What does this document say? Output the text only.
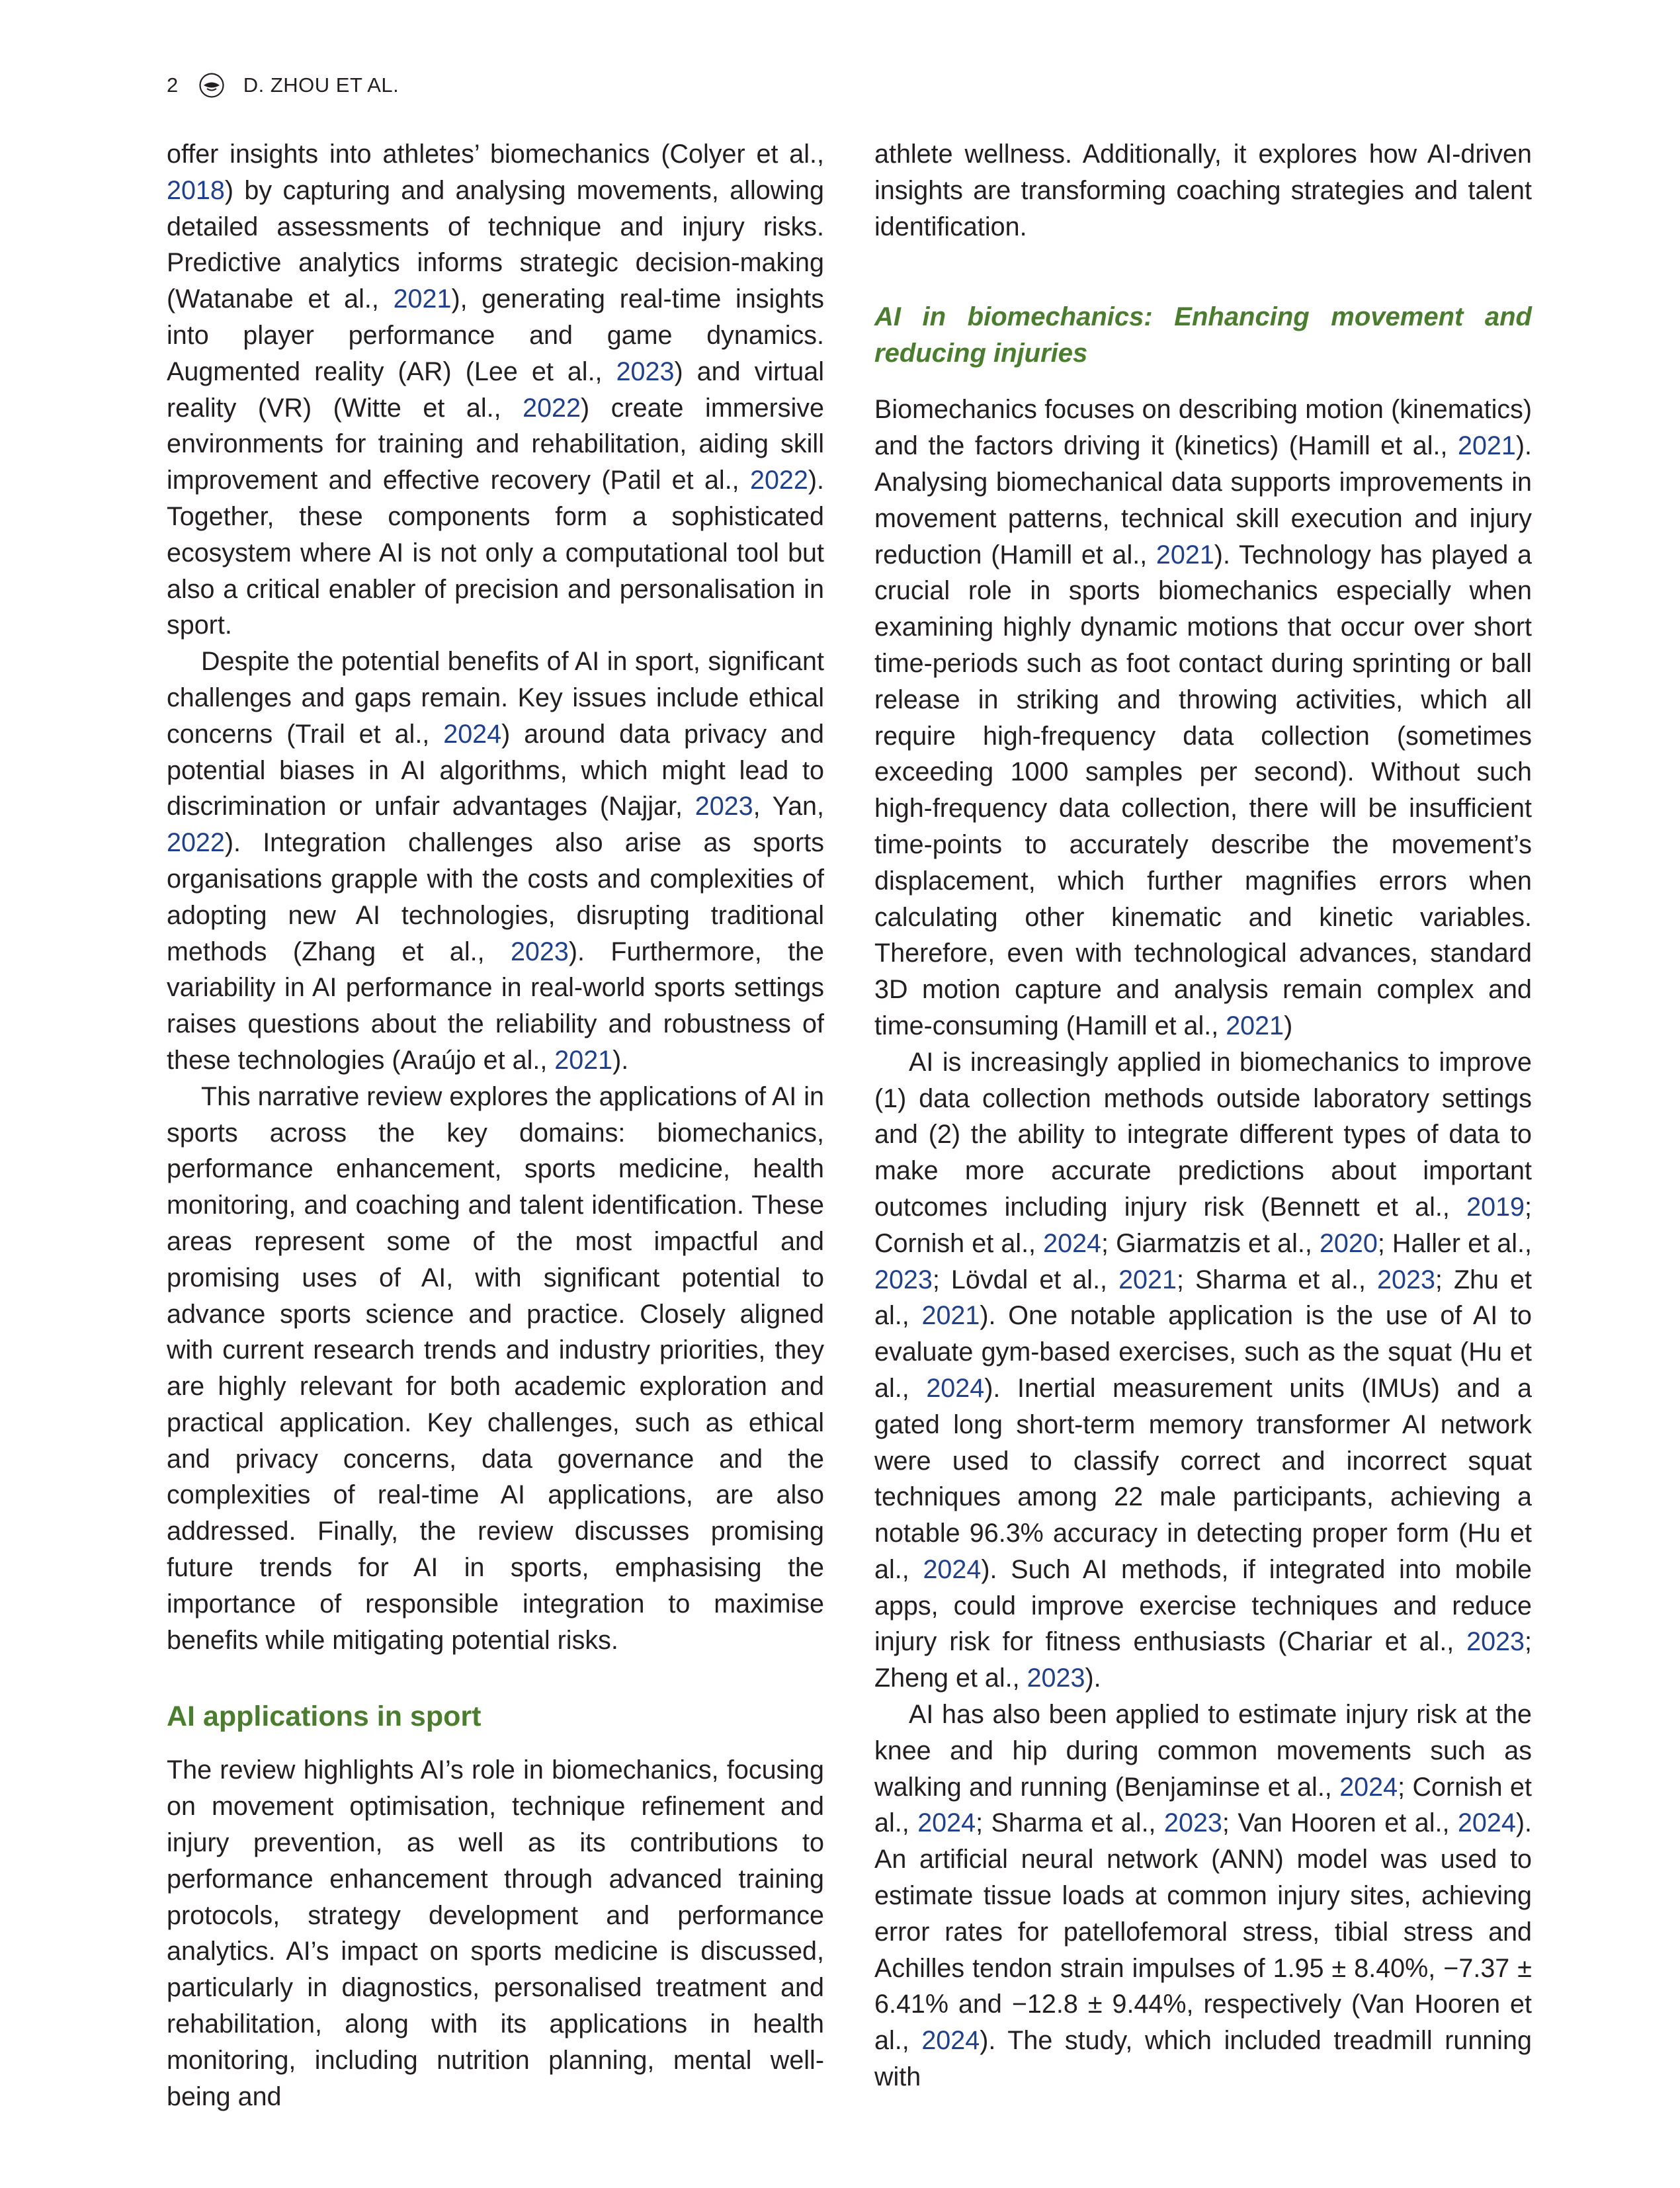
2	D. ZHOU ET AL.

offer insights into athletes’ biomechanics (Colyer et al., 2018) by capturing and analysing movements, allowing detailed assessments of technique and injury risks. Predictive analytics informs strategic decision-making (Watanabe et al., 2021), generating real-time insights into player performance and game dynamics. Augmented reality (AR) (Lee et al., 2023) and virtual reality (VR) (Witte et al., 2022) create immersive environments for training and rehabilitation, aiding skill improvement and effective recovery (Patil et al., 2022). Together, these components form a sophisticated ecosystem where AI is not only a computational tool but also a critical enabler of precision and personalisation in sport.

Despite the potential benefits of AI in sport, significant challenges and gaps remain. Key issues include ethical concerns (Trail et al., 2024) around data privacy and potential biases in AI algorithms, which might lead to discrimination or unfair advantages (Najjar, 2023, Yan, 2022). Integration challenges also arise as sports organisations grapple with the costs and complexities of adopting new AI technologies, disrupting traditional methods (Zhang et al., 2023). Furthermore, the variability in AI performance in real-world sports settings raises questions about the reliability and robustness of these technologies (Araújo et al., 2021).

This narrative review explores the applications of AI in sports across the key domains: biomechanics, performance enhancement, sports medicine, health monitoring, and coaching and talent identification. These areas represent some of the most impactful and promising uses of AI, with significant potential to advance sports science and practice. Closely aligned with current research trends and industry priorities, they are highly relevant for both academic exploration and practical application. Key challenges, such as ethical and privacy concerns, data governance and the complexities of real-time AI applications, are also addressed. Finally, the review discusses promising future trends for AI in sports, emphasising the importance of responsible integration to maximise benefits while mitigating potential risks.

AI applications in sport

The review highlights AI’s role in biomechanics, focusing on movement optimisation, technique refinement and injury prevention, as well as its contributions to performance enhancement through advanced training protocols, strategy development and performance analytics. AI’s impact on sports medicine is discussed, particularly in diagnostics, personalised treatment and rehabilitation, along with its applications in health monitoring, including nutrition planning, mental well-being and

athlete wellness. Additionally, it explores how AI-driven insights are transforming coaching strategies and talent identification.

AI in biomechanics: Enhancing movement and reducing injuries

Biomechanics focuses on describing motion (kinematics) and the factors driving it (kinetics) (Hamill et al., 2021). Analysing biomechanical data supports improvements in movement patterns, technical skill execution and injury reduction (Hamill et al., 2021). Technology has played a crucial role in sports biomechanics especially when examining highly dynamic motions that occur over short time-periods such as foot contact during sprinting or ball release in striking and throwing activities, which all require high-frequency data collection (sometimes exceeding 1000 samples per second). Without such high-frequency data collection, there will be insufficient time-points to accurately describe the movement’s displacement, which further magnifies errors when calculating other kinematic and kinetic variables. Therefore, even with technological advances, standard 3D motion capture and analysis remain complex and time-consuming (Hamill et al., 2021)

AI is increasingly applied in biomechanics to improve (1) data collection methods outside laboratory settings and (2) the ability to integrate different types of data to make more accurate predictions about important outcomes including injury risk (Bennett et al., 2019; Cornish et al., 2024; Giarmatzis et al., 2020; Haller et al., 2023; Lövdal et al., 2021; Sharma et al., 2023; Zhu et al., 2021). One notable application is the use of AI to evaluate gym-based exercises, such as the squat (Hu et al., 2024). Inertial measurement units (IMUs) and a gated long short-term memory transformer AI network were used to classify correct and incorrect squat techniques among 22 male participants, achieving a notable 96.3% accuracy in detecting proper form (Hu et al., 2024). Such AI methods, if integrated into mobile apps, could improve exercise techniques and reduce injury risk for fitness enthusiasts (Chariar et al., 2023; Zheng et al., 2023).

AI has also been applied to estimate injury risk at the knee and hip during common movements such as walking and running (Benjaminse et al., 2024; Cornish et al., 2024; Sharma et al., 2023; Van Hooren et al., 2024). An artificial neural network (ANN) model was used to estimate tissue loads at common injury sites, achieving error rates for patellofemoral stress, tibial stress and Achilles tendon strain impulses of 1.95 ± 8.40%, −7.37 ± 6.41% and −12.8 ± 9.44%, respectively (Van Hooren et al., 2024). The study, which included treadmill running with
